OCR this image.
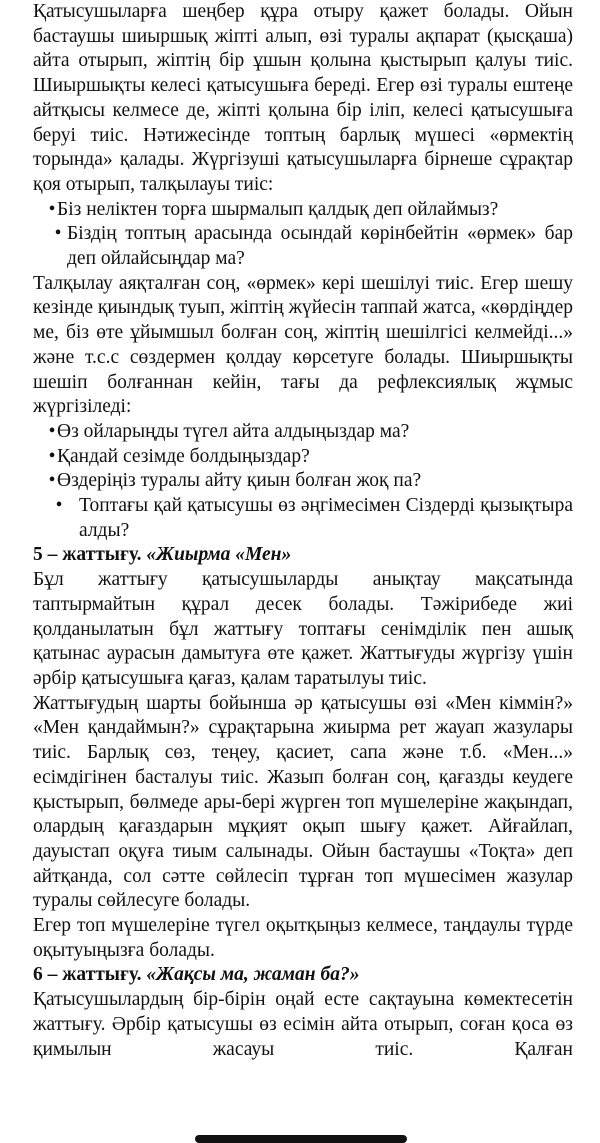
Қатысушыларға шеңбер құра отыру қажет болады. Ойын бастаушы шиыршық жіпті алып, өзі туралы ақпарат (қысқаша) айта отырып, жіптің бір ұшын қолына қыстырып қалуы тиіс. Шиыршықты келесі қатысушыға береді. Егер өзі туралы ештеңе айтқысы келмесе де, жіпті қолына бір іліп, келесі қатысушыға беруі тиіс. Нәтижесінде топтың барлық мүшесі «өрмектің торында» қалады. Жүргізуші қатысушыларға бірнеше сұрақтар қоя отырып, талқылауы тиіс:

• Біз неліктен торға шырмалып қалдық деп ойлаймыз?
• Біздің топтың арасында осындай көрінбейтін «өрмек» бар деп ойлайсыңдар ма?

Талқылау аяқталған соң, «өрмек» кері шешілуі тиіс. Егер шешу кезінде қиындық туып, жіптің жүйесін таппай жатса, «көрдіңдер ме, біз өте ұйымшыл болған соң, жіптің шешілгісі келмейді...» және т.с.с сөздермен қолдау көрсетуге болады. Шиыршықты шешіп болғаннан кейін, тағы да рефлексиялық жұмыс

жүргізіледі:

• Өз ойларыңды түгел айта алдыңыздар ма?
• Қандай сезімде болдыңыздар?
• Өздеріңіз туралы айту қиын болған жоқ па?
• Топтағы қай қатысушы өз әңгімесімен Сіздерді қызықтыра алды?

5 – жаттығу. «Жиырма «Мен»

Бұл жаттығу қатысушыларды анықтау мақсатында таптырмайтын құрал десек болады. Тәжірибеде жиі қолданылатын бұл жаттығу топтағы сенімділік пен ашық қатынас аурасын дамытуға өте қажет. Жаттығуды жүргізу үшін әрбір қатысушыға қағаз, қалам таратылуы тиіс.

Жаттығудың шарты бойынша әр қатысушы өзі «Мен кіммін?» «Мен қандаймын?» сұрақтарына жиырма рет жауап жазулары тиіс. Барлық сөз, теңеу, қасиет, сапа және т.б. «Мен...» есімдігінен басталуы тиіс. Жазып болған соң, қағазды кеудеге қыстырып, бөлмеде ары-бері жүрген топ мүшелеріне жақындап, олардың қағаздарын мұқият оқып шығу қажет. Айғайлап, дауыстап оқуға тиым салынады. Ойын бастаушы «Тоқта» деп айтқанда, сол сәтте сөйлесіп тұрған топ мүшесімен жазулар туралы сөйлесуге болады.

Егер топ мүшелеріне түгел оқытқыңыз келмесе, таңдаулы түрде оқытуыңызға болады.

6 – жаттығу. «Жақсы ма, жаман ба?»

Қатысушылардың бір-бірін оңай есте сақтауына көмектесетін жаттығу. Әрбір қатысушы өз есімін айта отырып, соған қоса өз қимылын жасауы тиіс. Қалған
